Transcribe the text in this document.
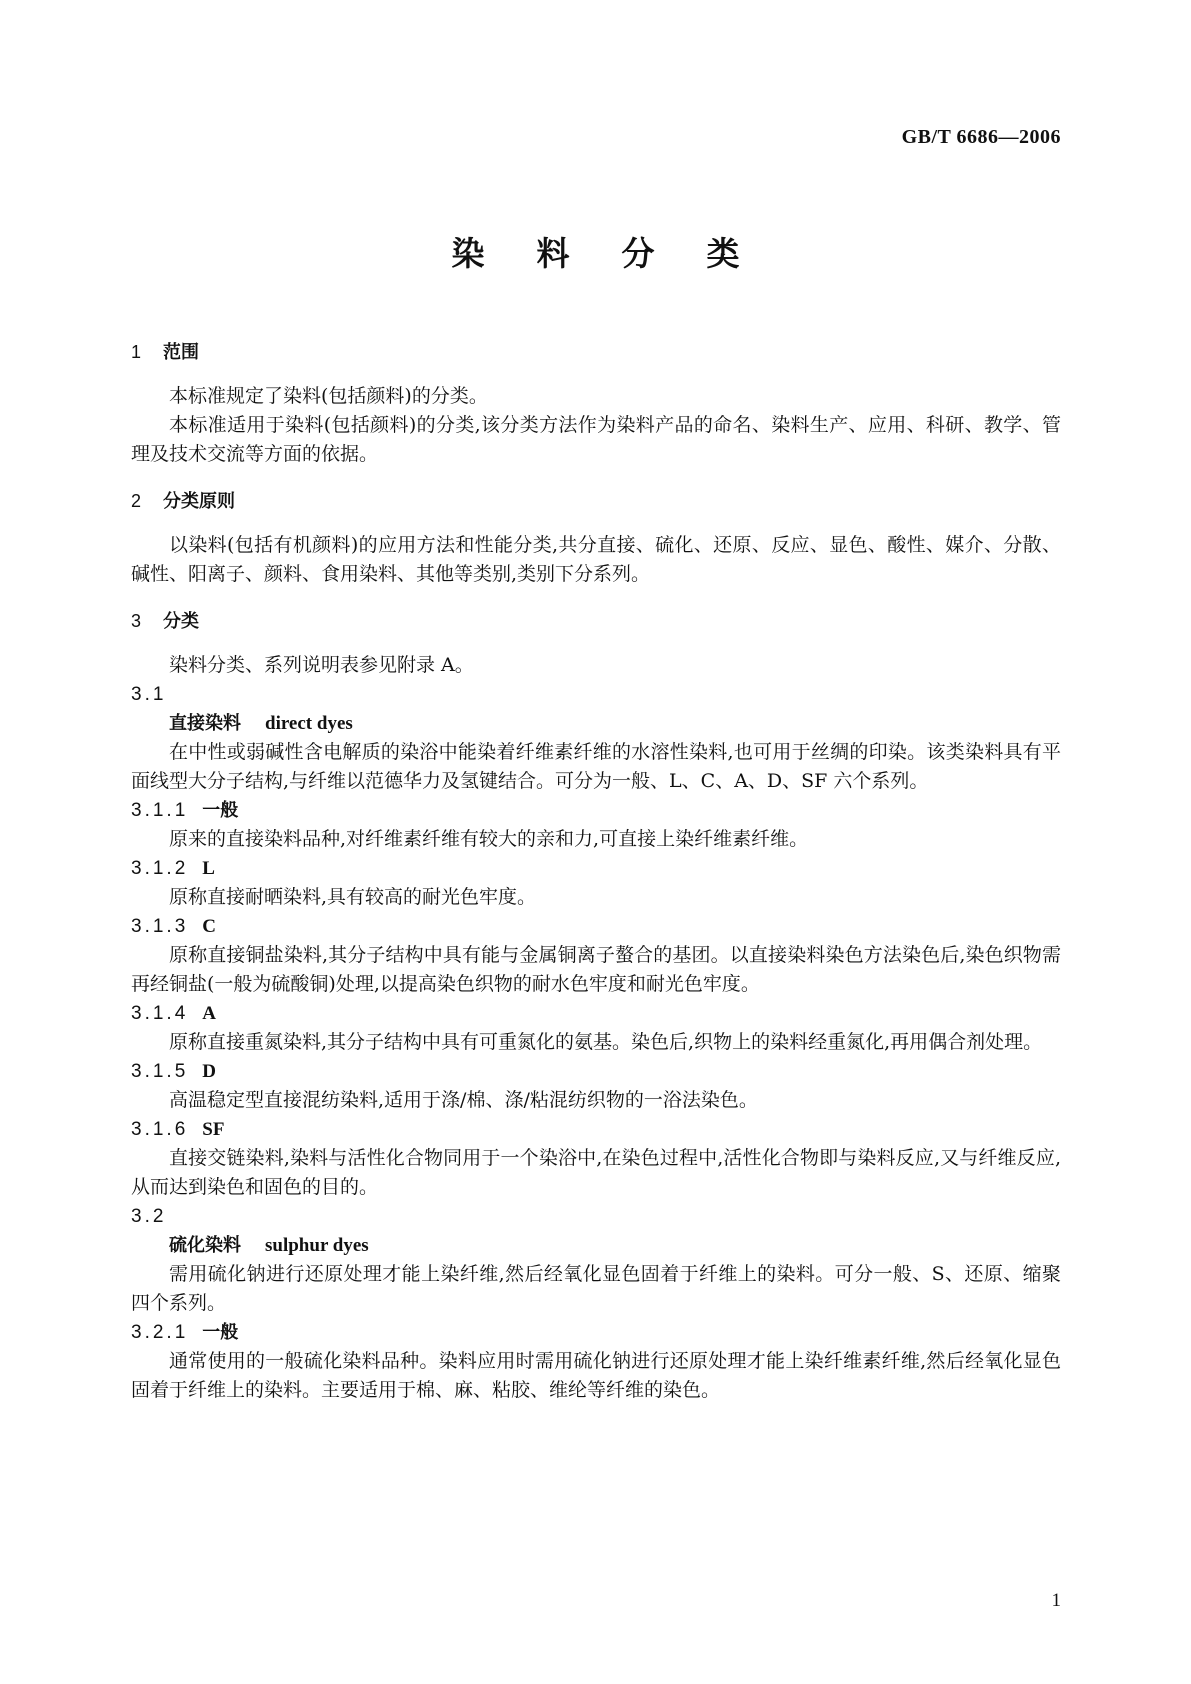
GB/T 6686—2006
染 料 分 类
1 范围

本标准规定了染料(包括颜料)的分类。

本标准适用于染料(包括颜料)的分类,该分类方法作为染料产品的命名、染料生产、应用、科研、教学、管理及技术交流等方面的依据。

2 分类原则

以染料(包括有机颜料)的应用方法和性能分类,共分直接、硫化、还原、反应、显色、酸性、媒介、分散、碱性、阳离子、颜料、食用染料、其他等类别,类别下分系列。

3 分类

染料分类、系列说明表参见附录 A。

3.1
直接染料 direct dyes

在中性或弱碱性含电解质的染浴中能染着纤维素纤维的水溶性染料,也可用于丝绸的印染。该类染料具有平面线型大分子结构,与纤维以范德华力及氢键结合。可分为一般、L、C、A、D、SF 六个系列。

3.1.1 一般

原来的直接染料品种,对纤维素纤维有较大的亲和力,可直接上染纤维素纤维。

3.1.2 L

原称直接耐晒染料,具有较高的耐光色牢度。

3.1.3 C

原称直接铜盐染料,其分子结构中具有能与金属铜离子螯合的基团。以直接染料染色方法染色后,染色织物需再经铜盐(一般为硫酸铜)处理,以提高染色织物的耐水色牢度和耐光色牢度。

3.1.4 A

原称直接重氮染料,其分子结构中具有可重氮化的氨基。染色后,织物上的染料经重氮化,再用偶合剂处理。

3.1.5 D

高温稳定型直接混纺染料,适用于涤/棉、涤/粘混纺织物的一浴法染色。

3.1.6 SF

直接交链染料,染料与活性化合物同用于一个染浴中,在染色过程中,活性化合物即与染料反应,又与纤维反应,从而达到染色和固色的目的。

3.2
硫化染料 sulphur dyes

需用硫化钠进行还原处理才能上染纤维,然后经氧化显色固着于纤维上的染料。可分一般、S、还原、缩聚四个系列。

3.2.1 一般

通常使用的一般硫化染料品种。染料应用时需用硫化钠进行还原处理才能上染纤维素纤维,然后经氧化显色固着于纤维上的染料。主要适用于棉、麻、粘胶、维纶等纤维的染色。

1
